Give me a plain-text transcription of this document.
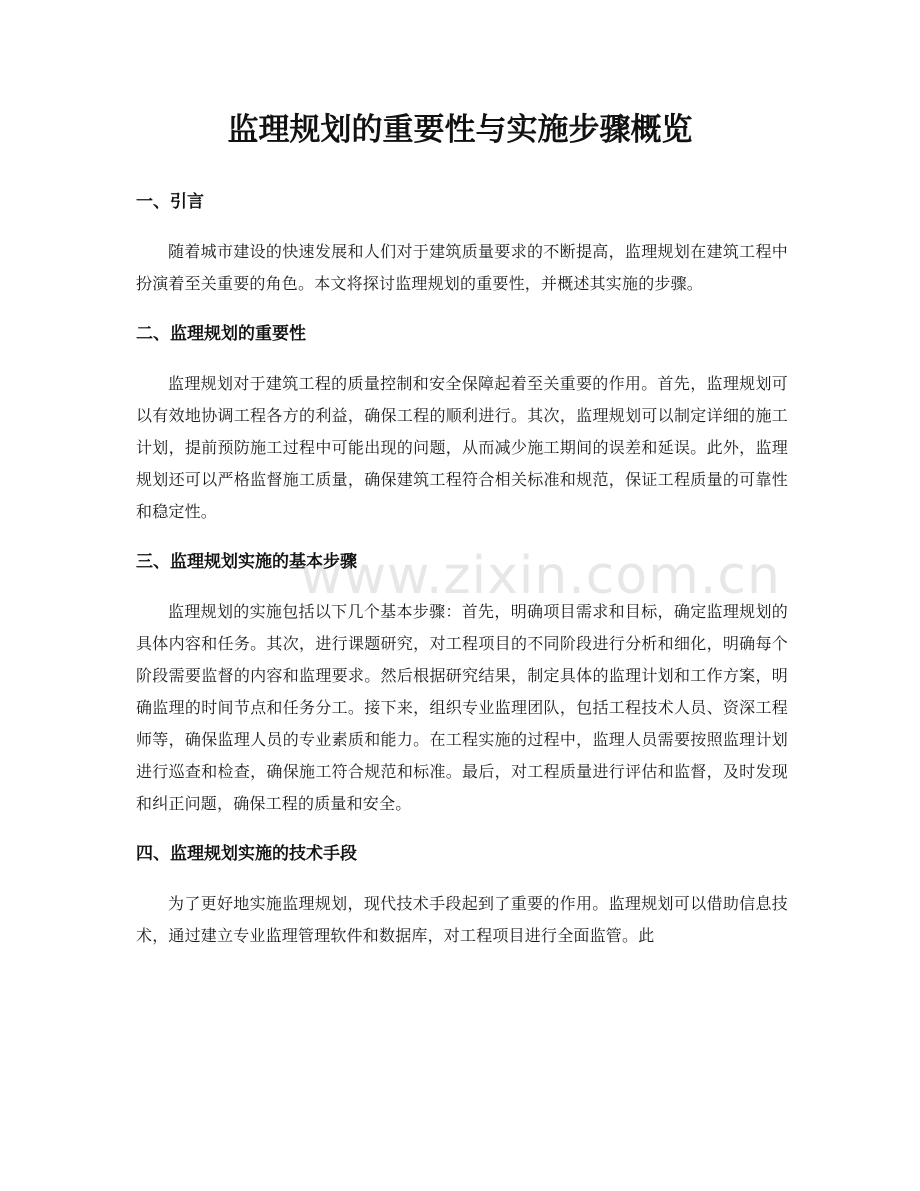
监理规划的重要性与实施步骤概览
一、引言

随着城市建设的快速发展和人们对于建筑质量要求的不断提高，监理规划在建筑工程中扮演着至关重要的角色。本文将探讨监理规划的重要性，并概述其实施的步骤。

二、监理规划的重要性

监理规划对于建筑工程的质量控制和安全保障起着至关重要的作用。首先，监理规划可以有效地协调工程各方的利益，确保工程的顺利进行。其次，监理规划可以制定详细的施工计划，提前预防施工过程中可能出现的问题，从而减少施工期间的误差和延误。此外，监理规划还可以严格监督施工质量，确保建筑工程符合相关标准和规范，保证工程质量的可靠性和稳定性。

三、监理规划实施的基本步骤

监理规划的实施包括以下几个基本步骤：首先，明确项目需求和目标，确定监理规划的具体内容和任务。其次，进行课题研究，对工程项目的不同阶段进行分析和细化，明确每个阶段需要监督的内容和监理要求。然后根据研究结果，制定具体的监理计划和工作方案，明确监理的时间节点和任务分工。接下来，组织专业监理团队，包括工程技术人员、资深工程师等，确保监理人员的专业素质和能力。在工程实施的过程中，监理人员需要按照监理计划进行巡查和检查，确保施工符合规范和标准。最后，对工程质量进行评估和监督，及时发现和纠正问题，确保工程的质量和安全。

四、监理规划实施的技术手段

为了更好地实施监理规划，现代技术手段起到了重要的作用。监理规划可以借助信息技术，通过建立专业监理管理软件和数据库，对工程项目进行全面监管。此

www.zixin.com.cn
